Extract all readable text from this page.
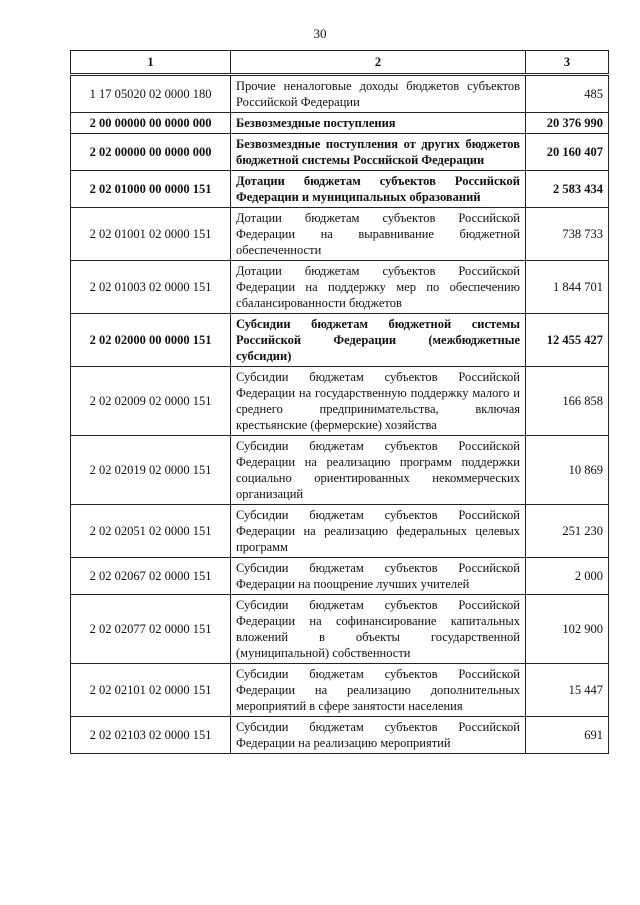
30
1	2	3
1 17 05020 02 0000 180	Прочие неналоговые доходы бюджетов субъектов Российской Федерации	485
2 00 00000 00 0000 000	Безвозмездные поступления	20 376 990
2 02 00000 00 0000 000	Безвозмездные поступления от других бюджетов бюджетной системы Российской Федерации	20 160 407
2 02 01000 00 0000 151	Дотации бюджетам субъектов Российской Федерации и муниципальных образований	2 583 434
2 02 01001 02 0000 151	Дотации бюджетам субъектов Российской Федерации на выравнивание бюджетной обеспеченности	738 733
2 02 01003 02 0000 151	Дотации бюджетам субъектов Российской Федерации на поддержку мер по обеспечению сбалансированности бюджетов	1 844 701
2 02 02000 00 0000 151	Субсидии бюджетам бюджетной системы Российской Федерации (межбюджетные субсидии)	12 455 427
2 02 02009 02 0000 151	Субсидии бюджетам субъектов Российской Федерации на государственную поддержку малого и среднего предпринимательства, включая крестьянские (фермерские) хозяйства	166 858
2 02 02019 02 0000 151	Субсидии бюджетам субъектов Российской Федерации на реализацию программ поддержки социально ориентированных некоммерческих организаций	10 869
2 02 02051 02 0000 151	Субсидии бюджетам субъектов Российской Федерации на реализацию федеральных целевых программ	251 230
2 02 02067 02 0000 151	Субсидии бюджетам субъектов Российской Федерации на поощрение лучших учителей	2 000
2 02 02077 02 0000 151	Субсидии бюджетам субъектов Российской Федерации на софинансирование капитальных вложений в объекты государственной (муниципальной) собственности	102 900
2 02 02101 02 0000 151	Субсидии бюджетам субъектов Российской Федерации на реализацию дополнительных мероприятий в сфере занятости населения	15 447
2 02 02103 02 0000 151	Субсидии бюджетам субъектов Российской Федерации на реализацию мероприятий	691
